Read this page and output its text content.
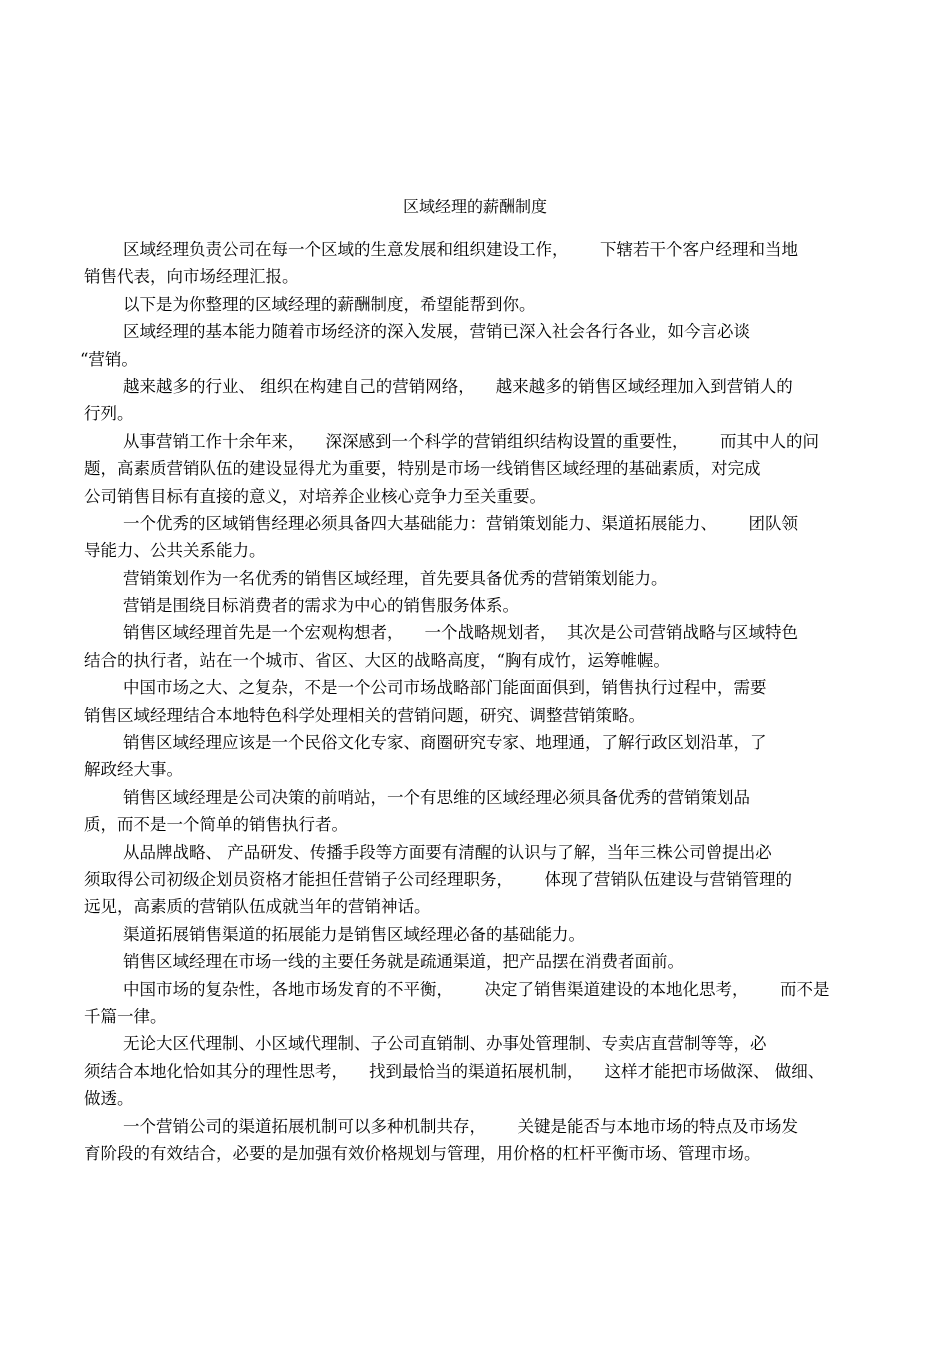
区域经理的薪酬制度
区域经理负责公司在每一个区域的生意发展和组织建设工作，      下辖若干个客户经理和当地
销售代表，向市场经理汇报。
以下是为你整理的区域经理的薪酬制度，希望能帮到你。
区域经理的基本能力随着市场经济的深入发展，营销已深入社会各行各业，如今言必谈
“营销。
越来越多的行业、 组织在构建自己的营销网络，    越来越多的销售区域经理加入到营销人的
行列。
从事营销工作十余年来，    深深感到一个科学的营销组织结构设置的重要性，      而其中人的问
题，高素质营销队伍的建设显得尤为重要，特别是市场一线销售区域经理的基础素质，对完成
公司销售目标有直接的意义，对培养企业核心竞争力至关重要。
一个优秀的区域销售经理必须具备四大基础能力：营销策划能力、渠道拓展能力、      团队领
导能力、公共关系能力。
营销策划作为一名优秀的销售区域经理，首先要具备优秀的营销策划能力。
营销是围绕目标消费者的需求为中心的销售服务体系。
销售区域经理首先是一个宏观构想者，    一个战略规划者，  其次是公司营销战略与区域特色
结合的执行者，站在一个城市、省区、大区的战略高度，“胸有成竹，运筹帷幄。
中国市场之大、之复杂，不是一个公司市场战略部门能面面俱到，销售执行过程中，需要
销售区域经理结合本地特色科学处理相关的营销问题，研究、调整营销策略。
销售区域经理应该是一个民俗文化专家、商圈研究专家、地理通，了解行政区划沿革，了
解政经大事。
销售区域经理是公司决策的前哨站，一个有思维的区域经理必须具备优秀的营销策划品
质，而不是一个简单的销售执行者。
从品牌战略、 产品研发、传播手段等方面要有清醒的认识与了解，当年三株公司曾提出必
须取得公司初级企划员资格才能担任营销子公司经理职务，      体现了营销队伍建设与营销管理的
远见，高素质的营销队伍成就当年的营销神话。
渠道拓展销售渠道的拓展能力是销售区域经理必备的基础能力。
销售区域经理在市场一线的主要任务就是疏通渠道，把产品摆在消费者面前。
中国市场的复杂性，各地市场发育的不平衡，      决定了销售渠道建设的本地化思考，      而不是
千篇一律。
无论大区代理制、小区域代理制、子公司直销制、办事处管理制、专卖店直营制等等，必
须结合本地化恰如其分的理性思考，    找到最恰当的渠道拓展机制，    这样才能把市场做深、 做细、
做透。
一个营销公司的渠道拓展机制可以多种机制共存，      关键是能否与本地市场的特点及市场发
育阶段的有效结合，必要的是加强有效价格规划与管理，用价格的杠杆平衡市场、管理市场。
